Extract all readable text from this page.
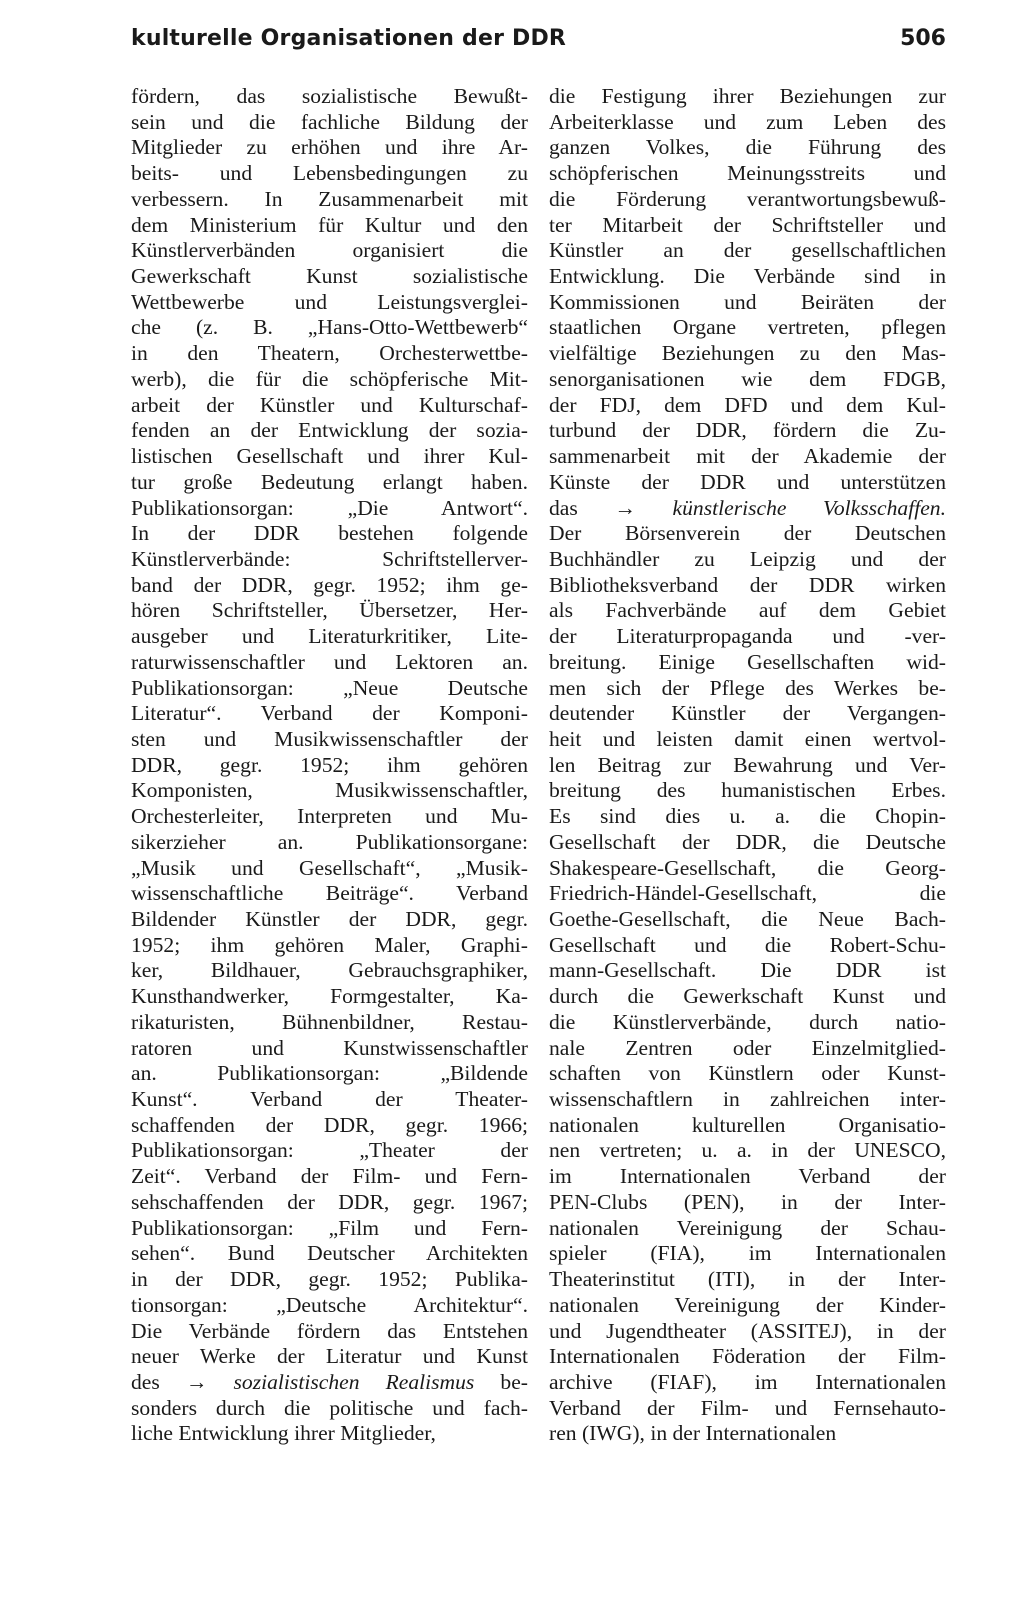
kulturelle Organisationen der DDR	506
fördern, das sozialistische Bewußt-
sein und die fachliche Bildung der
Mitglieder zu erhöhen und ihre Ar-
beits- und Lebensbedingungen zu
verbessern. In Zusammenarbeit mit
dem Ministerium für Kultur und den
Künstlerverbänden organisiert die
Gewerkschaft Kunst sozialistische
Wettbewerbe und Leistungsverglei-
che (z. B. „Hans-Otto-Wettbewerb“
in den Theatern, Orchesterwettbe-
werb), die für die schöpferische Mit-
arbeit der Künstler und Kulturschaf-
fenden an der Entwicklung der sozia-
listischen Gesellschaft und ihrer Kul-
tur große Bedeutung erlangt haben.
Publikationsorgan: „Die Antwort“.
In der DDR bestehen folgende
Künstlerverbände: Schriftstellerver-
band der DDR, gegr. 1952; ihm ge-
hören Schriftsteller, Übersetzer, Her-
ausgeber und Literaturkritiker, Lite-
raturwissenschaftler und Lektoren an.
Publikationsorgan: „Neue Deutsche
Literatur“. Verband der Komponi-
sten und Musikwissenschaftler der
DDR, gegr. 1952; ihm gehören
Komponisten, Musikwissenschaftler,
Orchesterleiter, Interpreten und Mu-
sikerzieher an. Publikationsorgane:
„Musik und Gesellschaft“, „Musik-
wissenschaftliche Beiträge“. Verband
Bildender Künstler der DDR, gegr.
1952; ihm gehören Maler, Graphi-
ker, Bildhauer, Gebrauchsgraphiker,
Kunsthandwerker, Formgestalter, Ka-
rikaturisten, Bühnenbildner, Restau-
ratoren und Kunstwissenschaftler
an. Publikationsorgan: „Bildende
Kunst“. Verband der Theater-
schaffenden der DDR, gegr. 1966;
Publikationsorgan: „Theater der
Zeit“. Verband der Film- und Fern-
sehschaffenden der DDR, gegr. 1967;
Publikationsorgan: „Film und Fern-
sehen“. Bund Deutscher Architekten
in der DDR, gegr. 1952; Publika-
tionsorgan: „Deutsche Architektur“.
Die Verbände fördern das Entstehen
neuer Werke der Literatur und Kunst
des → sozialistischen Realismus be-
sonders durch die politische und fach-
liche Entwicklung ihrer Mitglieder,
die Festigung ihrer Beziehungen zur
Arbeiterklasse und zum Leben des
ganzen Volkes, die Führung des
schöpferischen Meinungsstreits und
die Förderung verantwortungsbewuß-
ter Mitarbeit der Schriftsteller und
Künstler an der gesellschaftlichen
Entwicklung. Die Verbände sind in
Kommissionen und Beiräten der
staatlichen Organe vertreten, pflegen
vielfältige Beziehungen zu den Mas-
senorganisationen wie dem FDGB,
der FDJ, dem DFD und dem Kul-
turbund der DDR, fördern die Zu-
sammenarbeit mit der Akademie der
Künste der DDR und unterstützen
das → künstlerische Volksschaffen.
Der Börsenverein der Deutschen
Buchhändler zu Leipzig und der
Bibliotheksverband der DDR wirken
als Fachverbände auf dem Gebiet
der Literaturpropaganda und -ver-
breitung. Einige Gesellschaften wid-
men sich der Pflege des Werkes be-
deutender Künstler der Vergangen-
heit und leisten damit einen wertvol-
len Beitrag zur Bewahrung und Ver-
breitung des humanistischen Erbes.
Es sind dies u. a. die Chopin-
Gesellschaft der DDR, die Deutsche
Shakespeare-Gesellschaft, die Georg-
Friedrich-Händel-Gesellschaft, die
Goethe-Gesellschaft, die Neue Bach-
Gesellschaft und die Robert-Schu-
mann-Gesellschaft. Die DDR ist
durch die Gewerkschaft Kunst und
die Künstlerverbände, durch natio-
nale Zentren oder Einzelmitglied-
schaften von Künstlern oder Kunst-
wissenschaftlern in zahlreichen inter-
nationalen kulturellen Organisatio-
nen vertreten; u. a. in der UNESCO,
im Internationalen Verband der
PEN-Clubs (PEN), in der Inter-
nationalen Vereinigung der Schau-
spieler (FIA), im Internationalen
Theaterinstitut (ITI), in der Inter-
nationalen Vereinigung der Kinder-
und Jugendtheater (ASSITEJ), in der
Internationalen Föderation der Film-
archive (FIAF), im Internationalen
Verband der Film- und Fernsehauto-
ren (IWG), in der Internationalen
